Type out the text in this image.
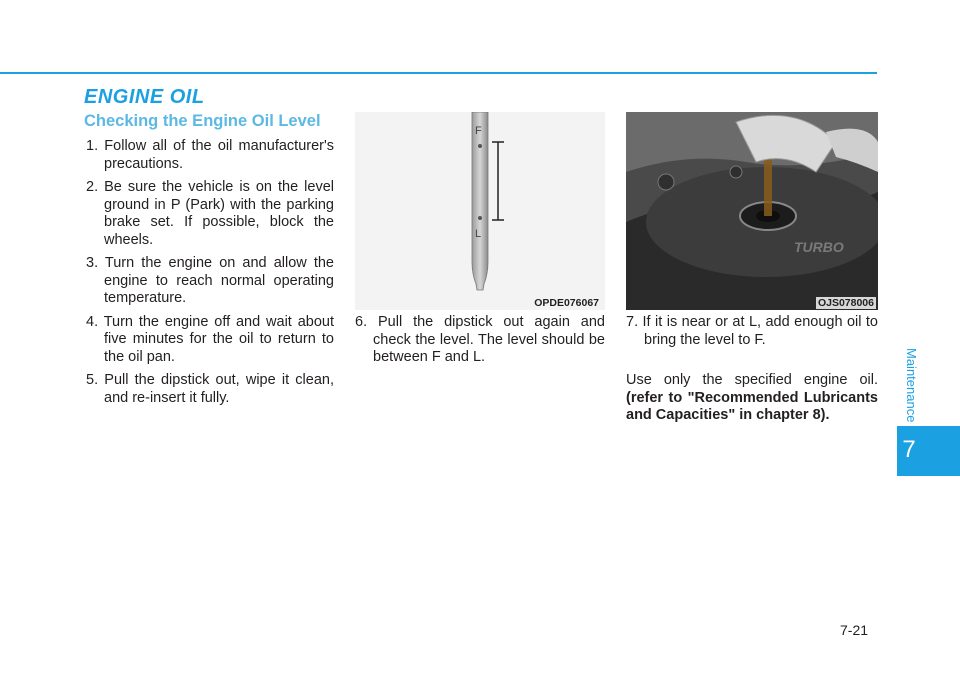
ENGINE OIL
Checking the Engine Oil Level
1. Follow all of the oil manufacturer's precautions.
2. Be sure the vehicle is on the level ground in P (Park) with the parking brake set. If possible, block the wheels.
3. Turn the engine on and allow the engine to reach normal operating temperature.
4. Turn the engine off and wait about five minutes for the oil to return to the oil pan.
5. Pull the dipstick out, wipe it clean, and re-insert it fully.
F
L
OPDE076067
TURBO
OJS078006
6. Pull the dipstick out again and check the level. The level should be between F and L.
7. If it is near or at L, add enough oil to bring the level to F.

Use only the specified engine oil. (refer to "Recommended Lubricants and Capacities" in chapter 8).	Maintenance
7
7-21
